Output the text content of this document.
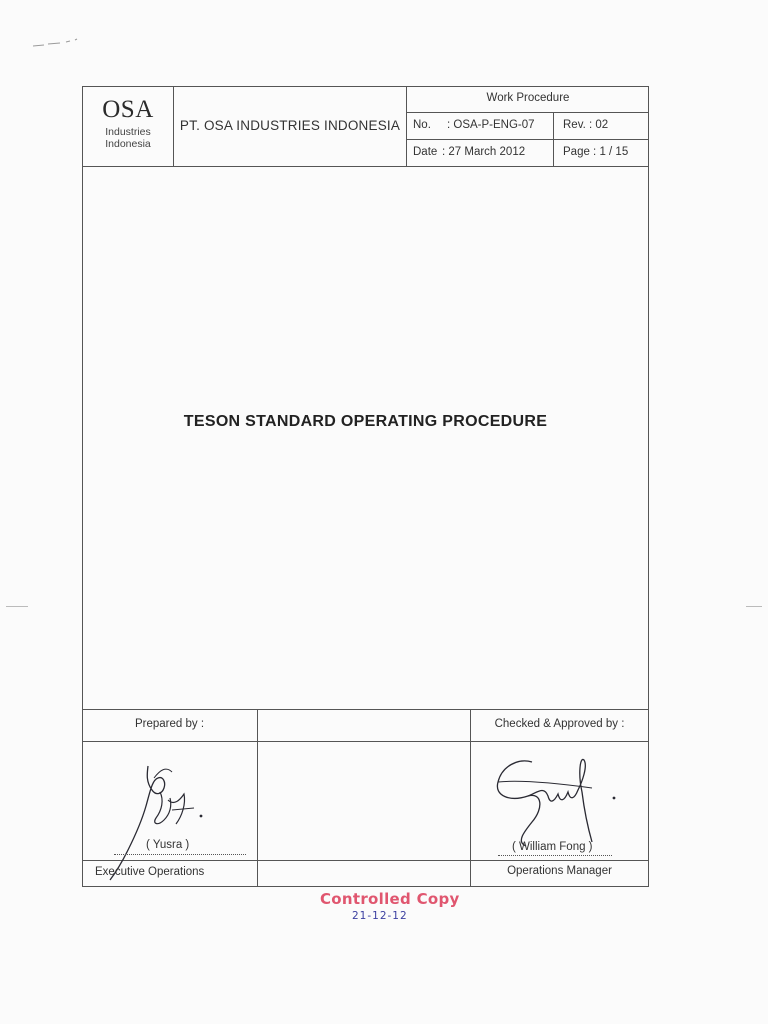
OSA
Industries
Indonesia
PT. OSA INDUSTRIES INDONESIA
Work Procedure
No. : OSA-P-ENG-07 Rev. : 02
Date : 27 March 2012	Page : 1 / 15
TESON STANDARD OPERATING PROCEDURE
Prepared by :	Checked & Approved by :
( Yusra )
Executive Operations
( William Fong )
Operations Manager
Controlled Copy
21-12-12
